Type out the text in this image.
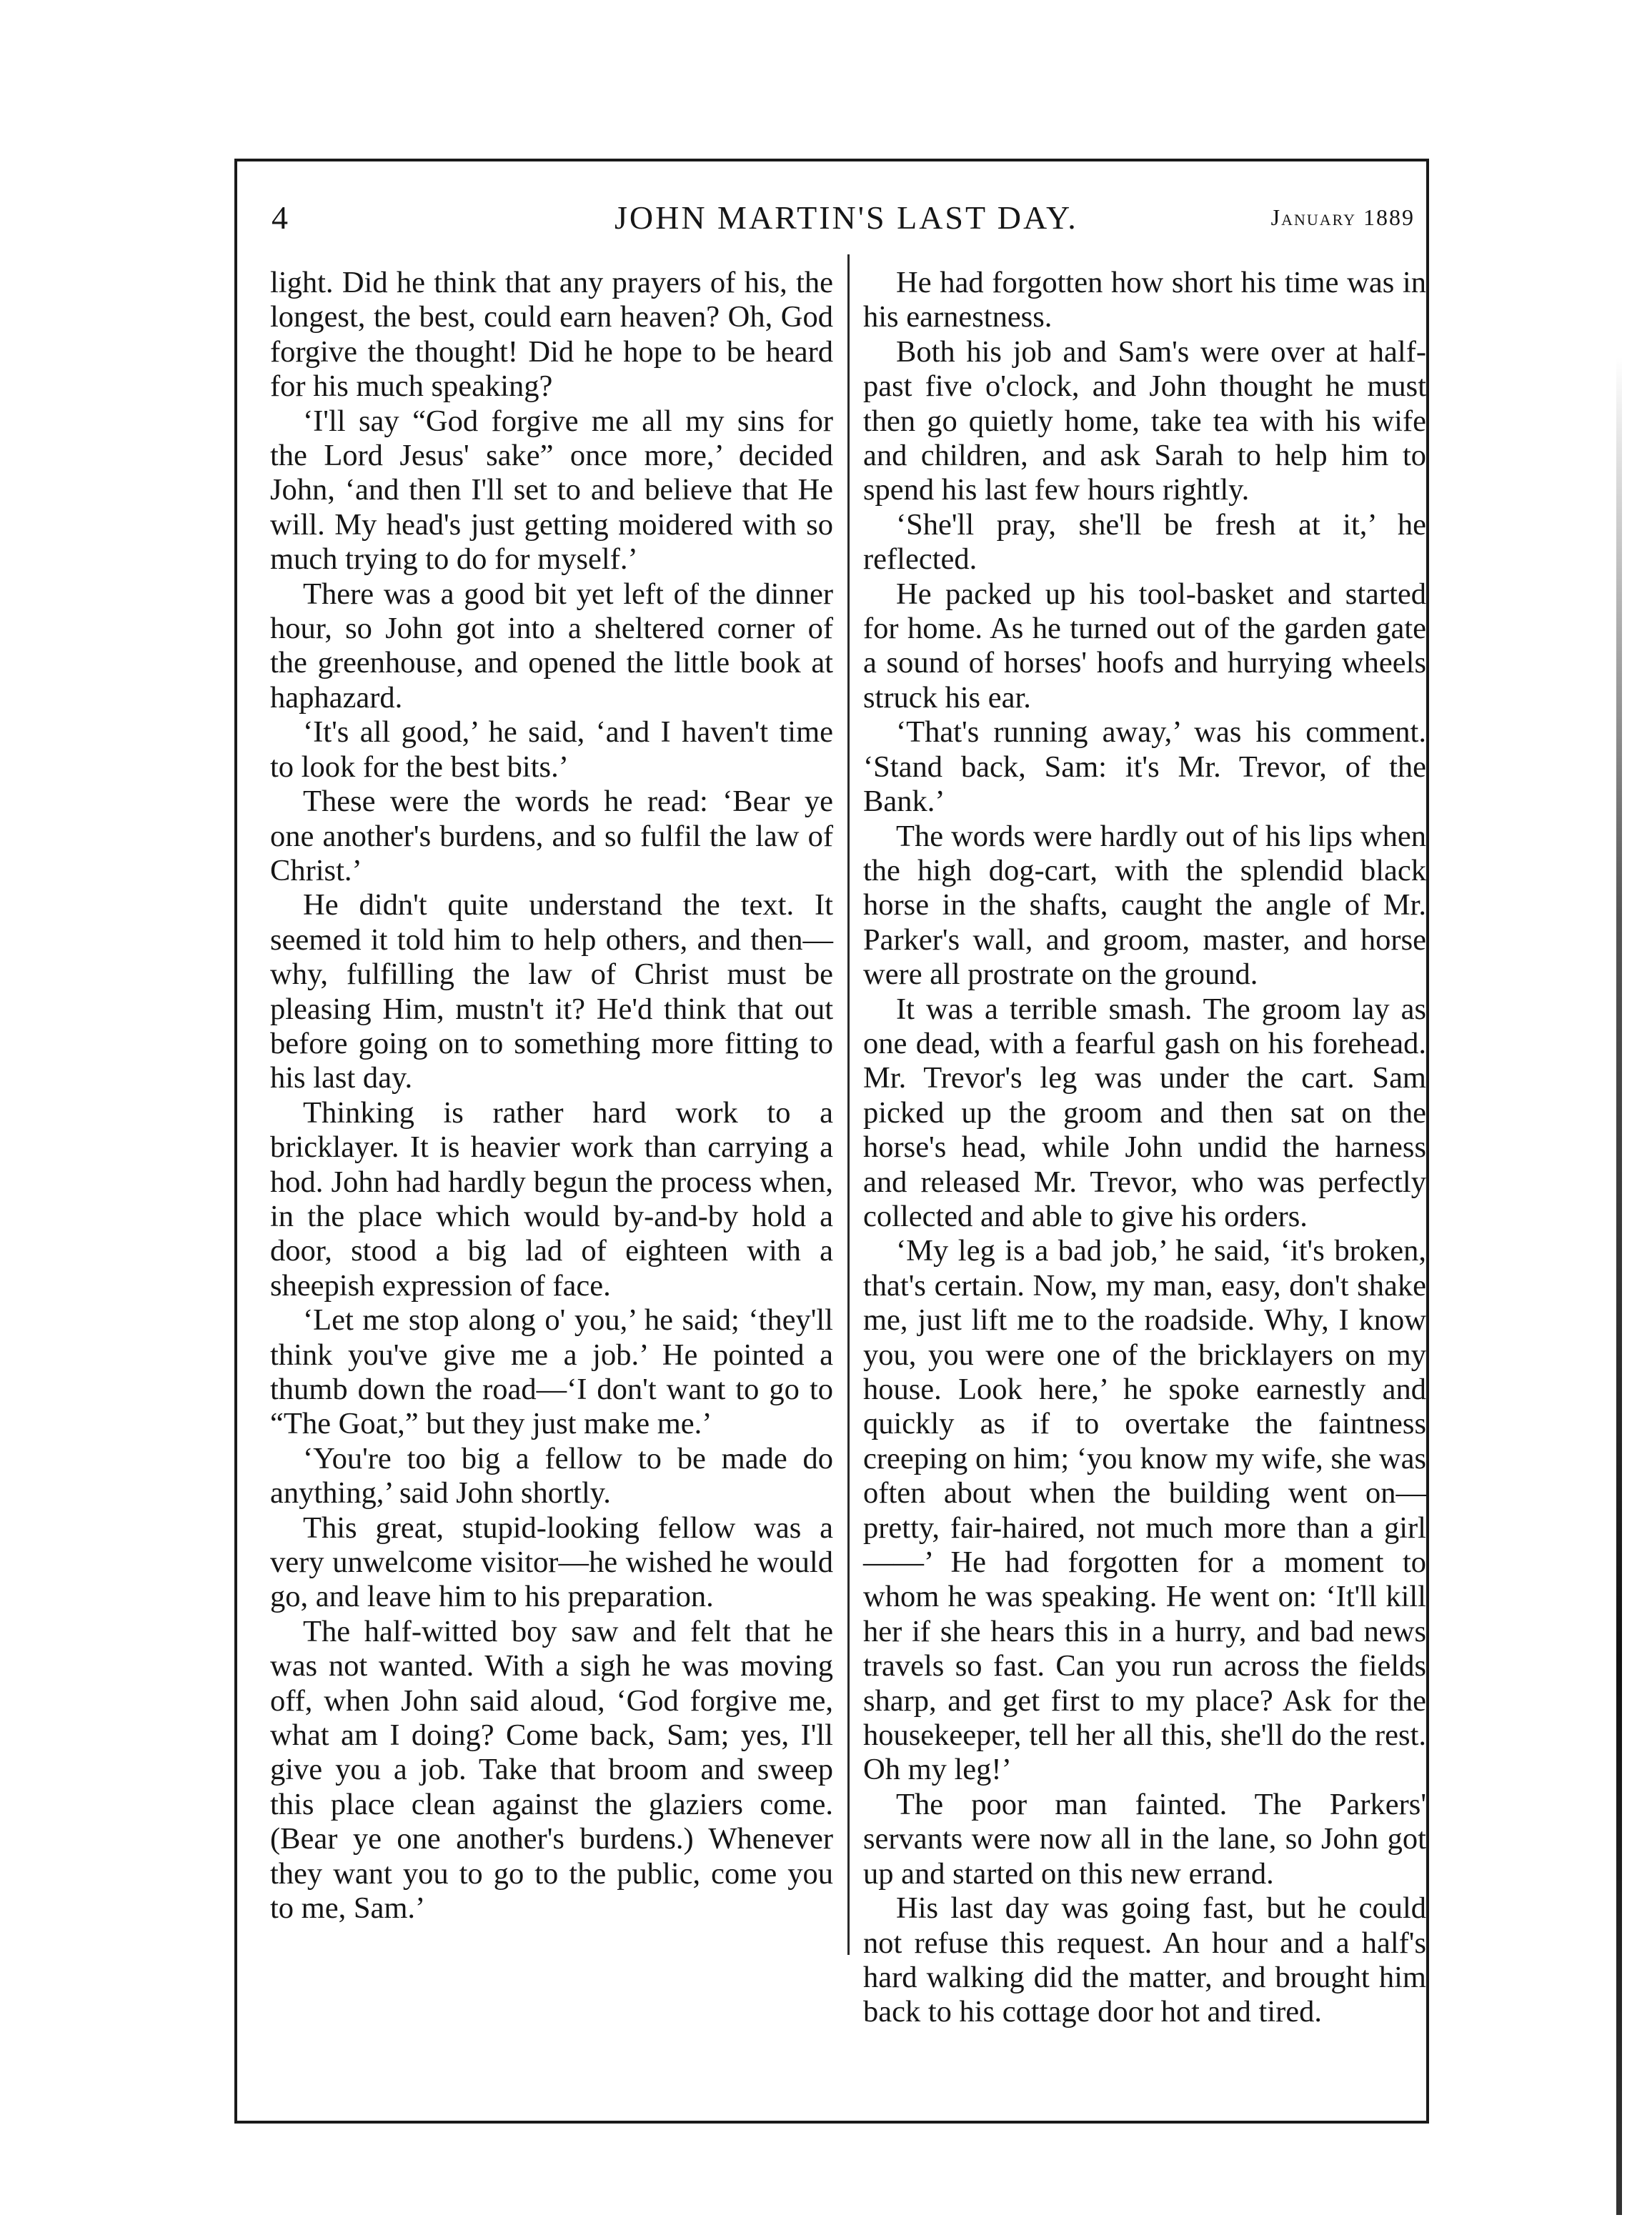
4	JOHN MARTIN'S LAST DAY.	January 1889

light. Did he think that any prayers of his, the longest, the best, could earn heaven? Oh, God forgive the thought! Did he hope to be heard for his much speaking?

‘I'll say “God forgive me all my sins for the Lord Jesus' sake” once more,’ decided John, ‘and then I'll set to and believe that He will. My head's just getting moidered with so much trying to do for myself.’

There was a good bit yet left of the dinner hour, so John got into a sheltered corner of the greenhouse, and opened the little book at haphazard.

‘It's all good,’ he said, ‘and I haven't time to look for the best bits.’

These were the words he read: ‘Bear ye one another's burdens, and so fulfil the law of Christ.’

He didn't quite understand the text. It seemed it told him to help others, and then—why, fulfilling the law of Christ must be pleasing Him, mustn't it? He'd think that out before going on to something more fitting to his last day.

Thinking is rather hard work to a bricklayer. It is heavier work than carrying a hod. John had hardly begun the process when, in the place which would by-and-by hold a door, stood a big lad of eighteen with a sheepish expression of face.

‘Let me stop along o' you,’ he said; ‘they'll think you've give me a job.’ He pointed a thumb down the road—‘I don't want to go to “The Goat,” but they just make me.’

‘You're too big a fellow to be made do anything,’ said John shortly.

This great, stupid-looking fellow was a very unwelcome visitor—he wished he would go, and leave him to his preparation.

The half-witted boy saw and felt that he was not wanted. With a sigh he was moving off, when John said aloud, ‘God forgive me, what am I doing? Come back, Sam; yes, I'll give you a job. Take that broom and sweep this place clean against the glaziers come. (Bear ye one another's burdens.) Whenever they want you to go to the public, come you to me, Sam.’

He had forgotten how short his time was in his earnestness.

Both his job and Sam's were over at half-past five o'clock, and John thought he must then go quietly home, take tea with his wife and children, and ask Sarah to help him to spend his last few hours rightly.

‘She'll pray, she'll be fresh at it,’ he reflected.

He packed up his tool-basket and started for home. As he turned out of the garden gate a sound of horses' hoofs and hurrying wheels struck his ear.

‘That's running away,’ was his comment. ‘Stand back, Sam: it's Mr. Trevor, of the Bank.’

The words were hardly out of his lips when the high dog-cart, with the splendid black horse in the shafts, caught the angle of Mr. Parker's wall, and groom, master, and horse were all prostrate on the ground.

It was a terrible smash. The groom lay as one dead, with a fearful gash on his forehead. Mr. Trevor's leg was under the cart. Sam picked up the groom and then sat on the horse's head, while John undid the harness and released Mr. Trevor, who was perfectly collected and able to give his orders.

‘My leg is a bad job,’ he said, ‘it's broken, that's certain. Now, my man, easy, don't shake me, just lift me to the roadside. Why, I know you, you were one of the bricklayers on my house. Look here,’ he spoke earnestly and quickly as if to overtake the faintness creeping on him; ‘you know my wife, she was often about when the building went on—pretty, fair-haired, not much more than a girl——’ He had forgotten for a moment to whom he was speaking. He went on: ‘It'll kill her if she hears this in a hurry, and bad news travels so fast. Can you run across the fields sharp, and get first to my place? Ask for the housekeeper, tell her all this, she'll do the rest. Oh my leg!’

The poor man fainted. The Parkers' servants were now all in the lane, so John got up and started on this new errand.

His last day was going fast, but he could not refuse this request. An hour and a half's hard walking did the matter, and brought him back to his cottage door hot and tired.
